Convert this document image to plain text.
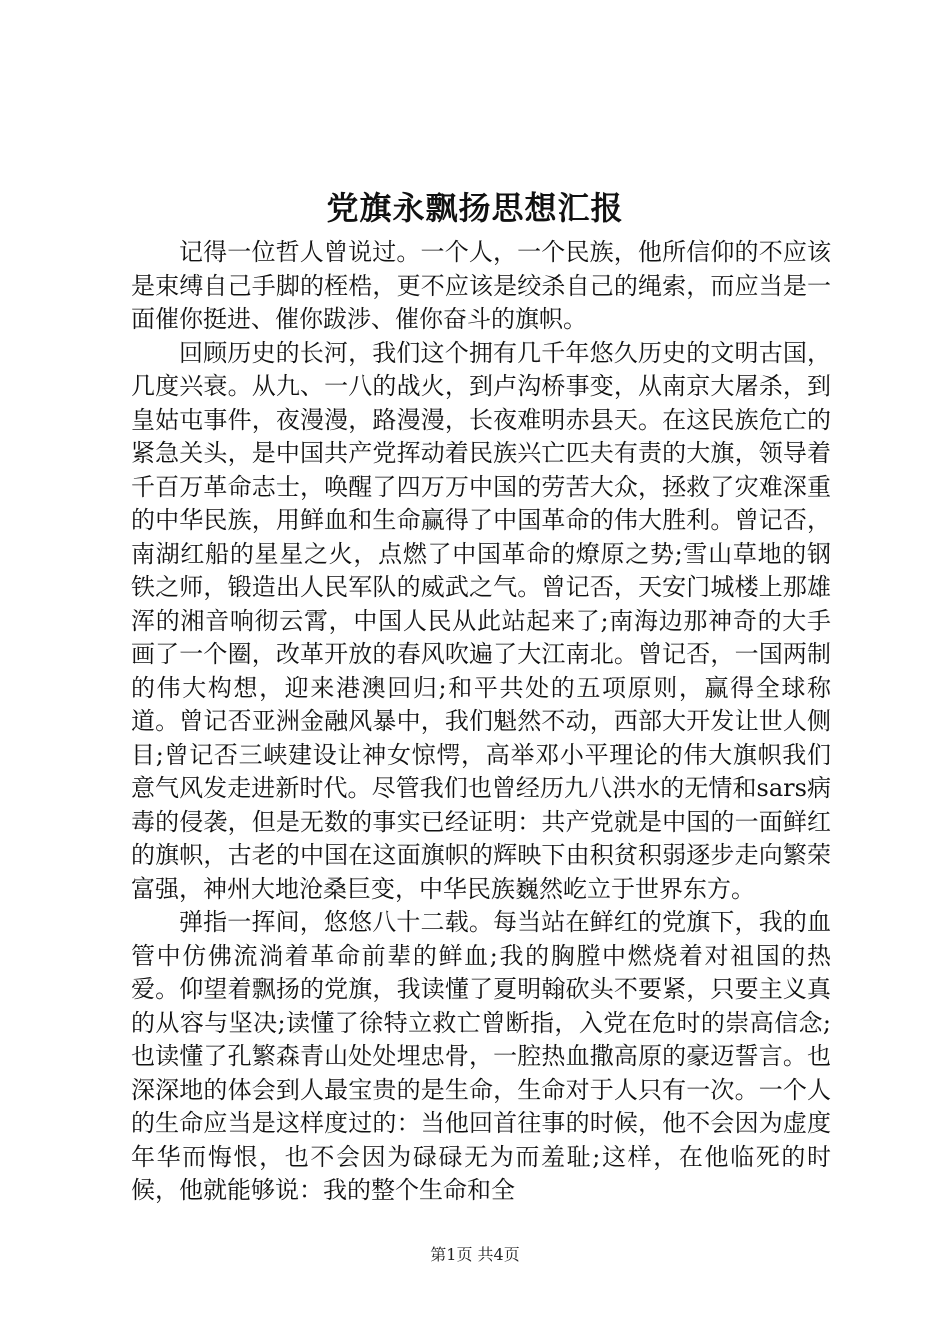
党旗永飘扬思想汇报

记得一位哲人曾说过。一个人，一个民族，他所信仰的不应该是束缚自己手脚的桎梏，更不应该是绞杀自己的绳索，而应当是一面催你挺进、催你跋涉、催你奋斗的旗帜。

回顾历史的长河，我们这个拥有几千年悠久历史的文明古国，几度兴衰。从九、一八的战火，到卢沟桥事变，从南京大屠杀，到皇姑屯事件，夜漫漫，路漫漫，长夜难明赤县天。在这民族危亡的紧急关头，是中国共产党挥动着民族兴亡匹夫有责的大旗，领导着千百万革命志士，唤醒了四万万中国的劳苦大众，拯救了灾难深重的中华民族，用鲜血和生命赢得了中国革命的伟大胜利。曾记否，南湖红船的星星之火，点燃了中国革命的燎原之势;雪山草地的钢铁之师，锻造出人民军队的威武之气。曾记否，天安门城楼上那雄浑的湘音响彻云霄，中国人民从此站起来了;南海边那神奇的大手画了一个圈，改革开放的春风吹遍了大江南北。曾记否，一国两制的伟大构想，迎来港澳回归;和平共处的五项原则，赢得全球称道。曾记否亚洲金融风暴中，我们魁然不动，西部大开发让世人侧目;曾记否三峡建设让神女惊愕，高举邓小平理论的伟大旗帜我们意气风发走进新时代。尽管我们也曾经历九八洪水的无情和sars病毒的侵袭，但是无数的事实已经证明：共产党就是中国的一面鲜红的旗帜，古老的中国在这面旗帜的辉映下由积贫积弱逐步走向繁荣富强，神州大地沧桑巨变，中华民族巍然屹立于世界东方。

弹指一挥间，悠悠八十二载。每当站在鲜红的党旗下，我的血管中仿佛流淌着革命前辈的鲜血;我的胸膛中燃烧着对祖国的热爱。仰望着飘扬的党旗，我读懂了夏明翰砍头不要紧，只要主义真的从容与坚决;读懂了徐特立救亡曾断指，入党在危时的崇高信念;也读懂了孔繁森青山处处埋忠骨，一腔热血撒高原的豪迈誓言。也深深地的体会到人最宝贵的是生命，生命对于人只有一次。一个人的生命应当是这样度过的：当他回首往事的时候，他不会因为虚度年华而悔恨，也不会因为碌碌无为而羞耻;这样，在他临死的时候，他就能够说：我的整个生命和全

第1页 共4页
